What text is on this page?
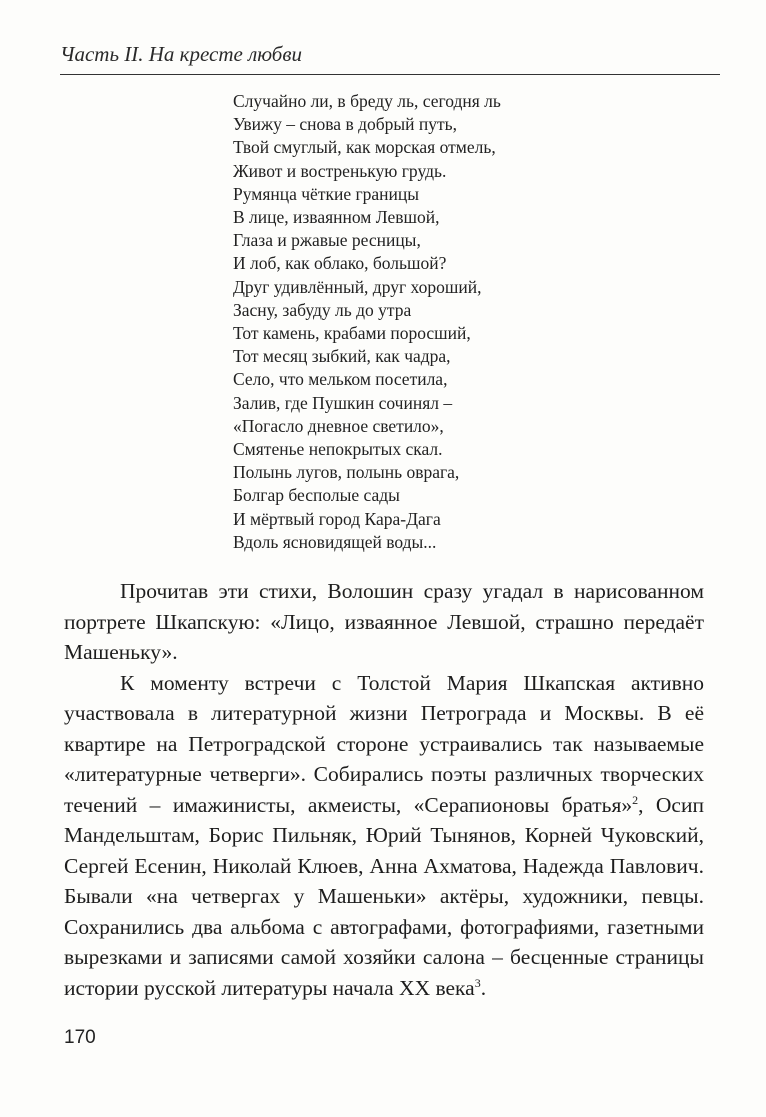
Часть II. На кресте любви
Случайно ли, в бреду ль, сегодня ль
Увижу – снова в добрый путь,
Твой смуглый, как морская отмель,
Живот и востренькую грудь.
Румянца чёткие границы
В лице, изваянном Левшой,
Глаза и ржавые ресницы,
И лоб, как облако, большой?
Друг удивлённый, друг хороший,
Засну, забуду ль до утра
Тот камень, крабами поросший,
Тот месяц зыбкий, как чадра,
Село, что мельком посетила,
Залив, где Пушкин сочинял –
«Погасло дневное светило»,
Смятенье непокрытых скал.
Полынь лугов, полынь оврага,
Болгар бесполые сады
И мёртвый город Кара-Дага
Вдоль ясновидящей воды...

Прочитав эти стихи, Волошин сразу угадал в нарисованном портрете Шкапскую: «Лицо, изваянное Левшой, страшно передаёт Машеньку».

К моменту встречи с Толстой Мария Шкапская активно участвовала в литературной жизни Петрограда и Москвы. В её квартире на Петроградской стороне устраивались так называемые «литературные четверги». Собирались поэты различных творческих течений – имажинисты, акмеисты, «Серапионовы братья»$^2$, Осип Мандельштам, Борис Пильняк, Юрий Тынянов, Корней Чуковский, Сергей Есенин, Николай Клюев, Анна Ахматова, Надежда Павлович. Бывали «на четвергах у Машеньки» актёры, художники, певцы. Сохранились два альбома с автографами, фотографиями, газетными вырезками и записями самой хозяйки салона – бесценные страницы истории русской литературы начала XX века$^3$.

170
